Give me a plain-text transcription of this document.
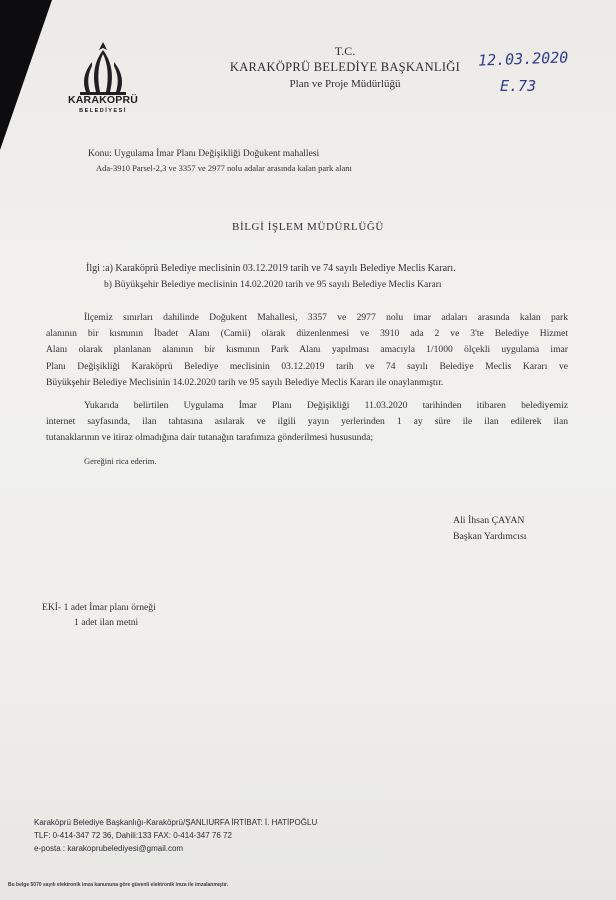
KARAKÖPRÜ
BELEDİYESİ
T.C.
KARAKÖPRÜ BELEDİYE BAŞKANLIĞI
Plan ve Proje Müdürlüğü
12.03.2020
E.73
Konu: Uygulama İmar Planı Değişikliği Doğukent mahallesi
Ada-3910 Parsel-2,3 ve 3357 ve 2977 nolu adalar arasında kalan park alanı
BİLGİ İŞLEM MÜDÜRLÜĞÜ
İlgi :a) Karaköprü Belediye meclisinin 03.12.2019 tarih ve 74 sayılı Belediye Meclis Kararı.
b) Büyükşehir Belediye meclisinin 14.02.2020 tarih ve 95 sayılı Belediye Meclis Kararı
İlçemiz sınırları dahilinde Doğukent Mahallesi, 3357 ve 2977 nolu imar adaları arasında kalan park
alanının bir kısmının İbadet Alanı (Camii) olarak düzenlenmesi ve 3910 ada 2 ve 3'te Belediye Hizmet
Alanı olarak planlanan alanının bir kısmının Park Alanı yapılması amacıyla 1/1000 ölçekli uygulama imar
Planı Değişikliği Karaköprü Belediye meclisinin 03.12.2019 tarih ve 74 sayılı Belediye Meclis Kararı ve
Büyükşehir Belediye Meclisinin 14.02.2020 tarih ve 95 sayılı Belediye Meclis Kararı ile onaylanmıştır.
Yukarıda belirtilen Uygulama İmar Planı Değişikliği 11.03.2020 tarihinden itibaren belediyemiz
internet sayfasında, ilan tahtasına asılarak ve ilgili yayın yerlerinden 1 ay süre ile ilan edilerek ilan
tutanaklarının ve itiraz olmadığına dair tutanağın tarafımıza gönderilmesi hususunda;
Gereğini rica ederim.
Ali İhsan ÇAYAN
Başkan Yardımcısı
EKİ- 1 adet İmar planı örneği
1 adet ilan metni
Karaköprü Belediye Başkanlığı-Karaköprü/ŞANLIURFA İRTİBAT: İ. HATİPOĞLU
TLF: 0-414-347 72 36, Dahili:133 FAX: 0-414-347 76 72
e-posta : karakoprubelediyesi@gmail.com
Bu belge 5070 sayılı elektronik imza kanununa göre güvenli elektronik imza ile imzalanmıştır.
